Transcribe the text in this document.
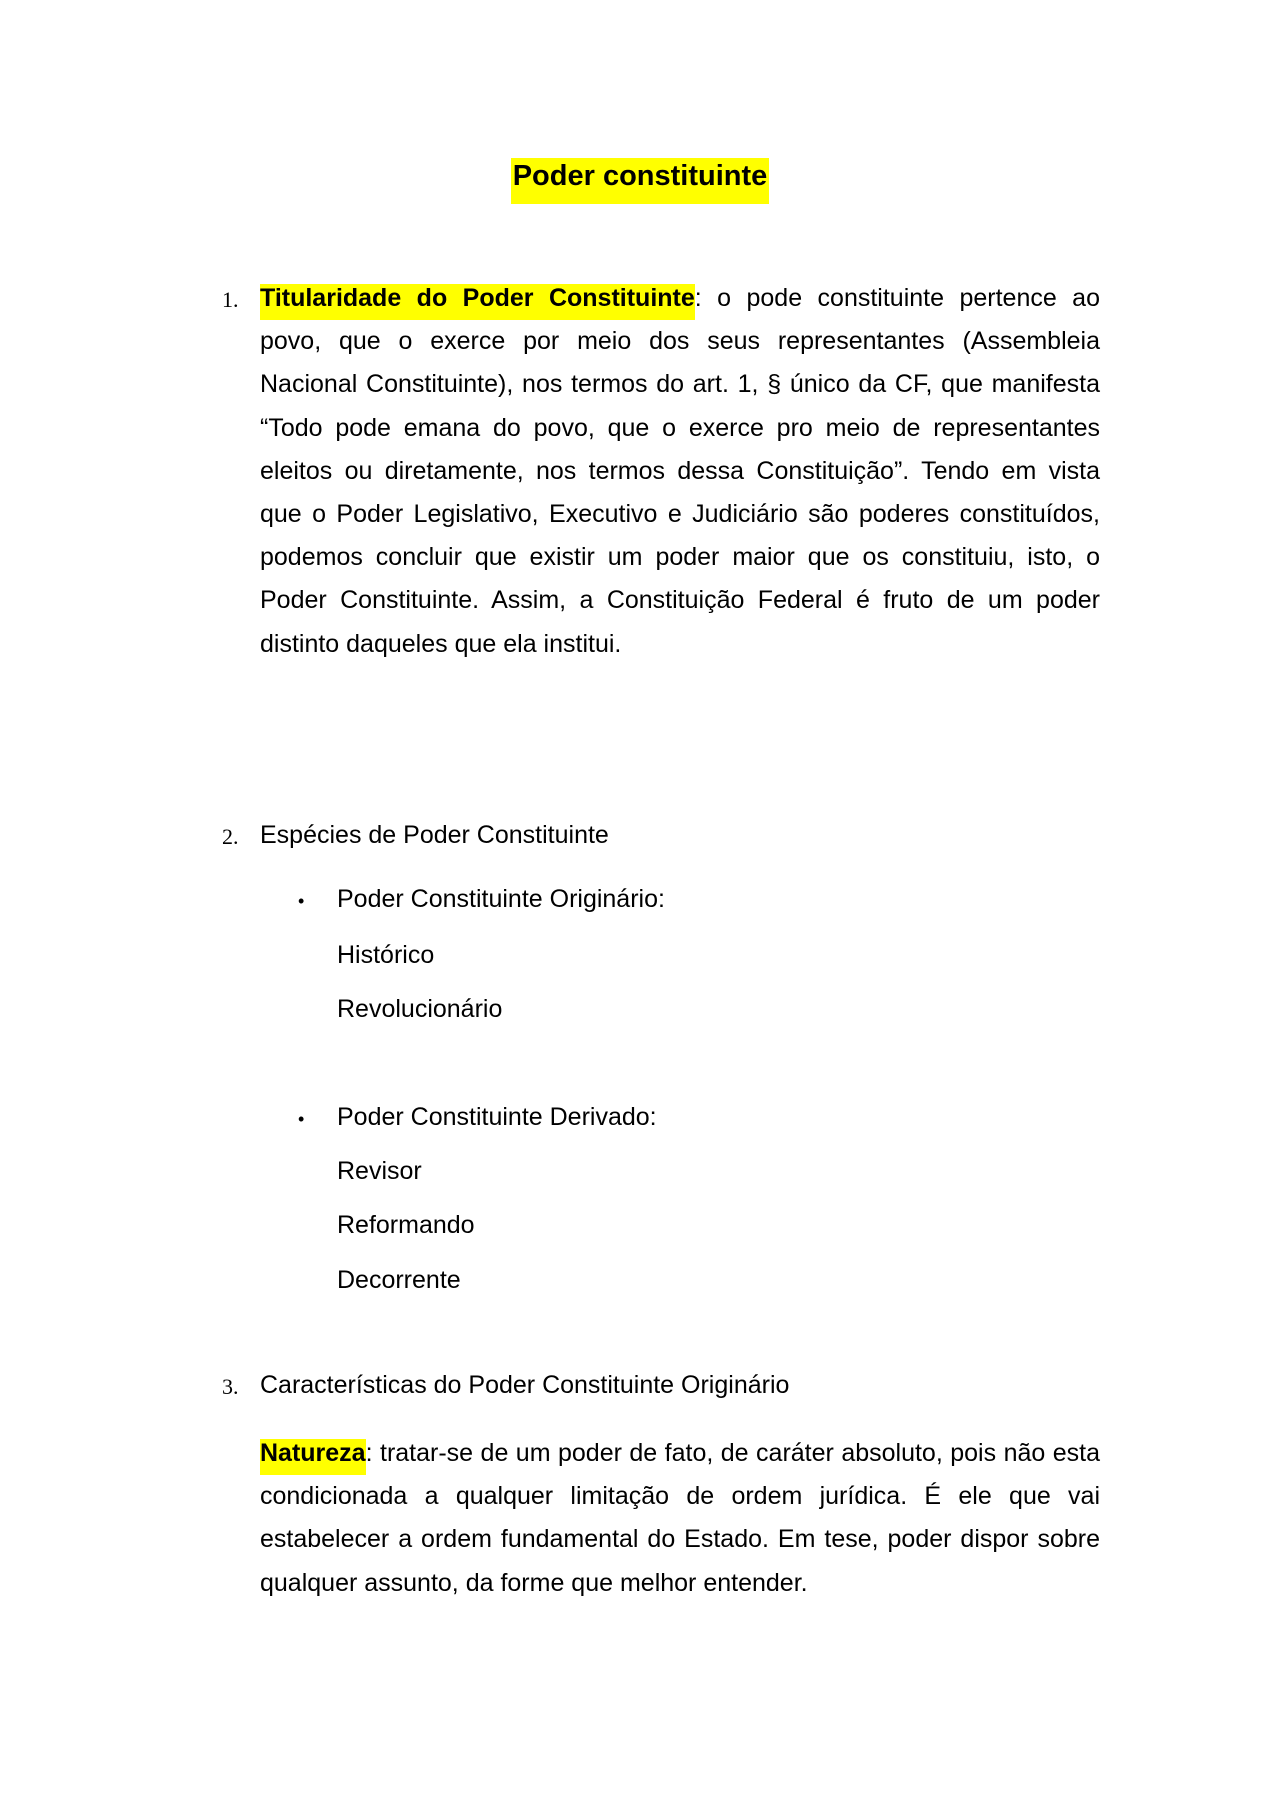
Poder constituinte
1. Titularidade do Poder Constituinte: o pode constituinte pertence ao povo, que o exerce por meio dos seus representantes (Assembleia Nacional Constituinte), nos termos do art. 1, § único da CF, que manifesta “Todo pode emana do povo, que o exerce pro meio de representantes eleitos ou diretamente, nos termos dessa Constituição”. Tendo em vista que o Poder Legislativo, Executivo e Judiciário são poderes constituídos, podemos concluir que existir um poder maior que os constituiu, isto, o Poder Constituinte. Assim, a Constituição Federal é fruto de um poder distinto daqueles que ela institui.
2. Espécies de Poder Constituinte
• Poder Constituinte Originário:
Histórico
Revolucionário
• Poder Constituinte Derivado:
Revisor
Reformando
Decorrente
3. Características do Poder Constituinte Originário
Natureza: tratar-se de um poder de fato, de caráter absoluto, pois não esta condicionada a qualquer limitação de ordem jurídica. É ele que vai estabelecer a ordem fundamental do Estado. Em tese, poder dispor sobre qualquer assunto, da forme que melhor entender.
